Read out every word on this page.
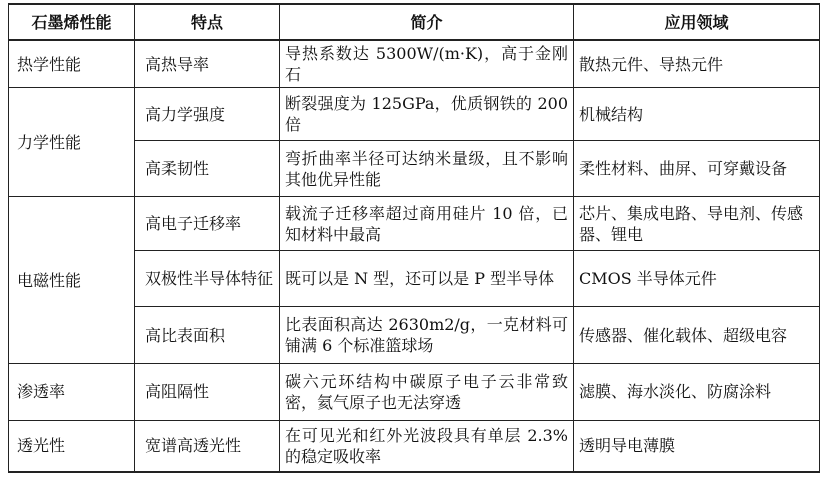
石墨烯性能	特点	简介	应用领域
热学性能	高热导率	导热系数达 5300W/(m·K)，高于金刚石	散热元件、导热元件
力学性能	高力学强度	断裂强度为 125GPa，优质钢铁的 200 倍	机械结构
	高柔韧性	弯折曲率半径可达纳米量级，且不影响其他优异性能	柔性材料、曲屏、可穿戴设备
电磁性能	高电子迁移率	载流子迁移率超过商用硅片 10 倍，已知材料中最高	芯片、集成电路、导电剂、传感器、锂电
	双极性半导体特征	既可以是 N 型，还可以是 P 型半导体	CMOS 半导体元件
	高比表面积	比表面积高达 2630m2/g，一克材料可铺满 6 个标准篮球场	传感器、催化载体、超级电容
渗透率	高阻隔性	碳六元环结构中碳原子电子云非常致密，氦气原子也无法穿透	滤膜、海水淡化、防腐涂料
透光性	宽谱高透光性	在可见光和红外光波段具有单层 2.3%的稳定吸收率	透明导电薄膜
